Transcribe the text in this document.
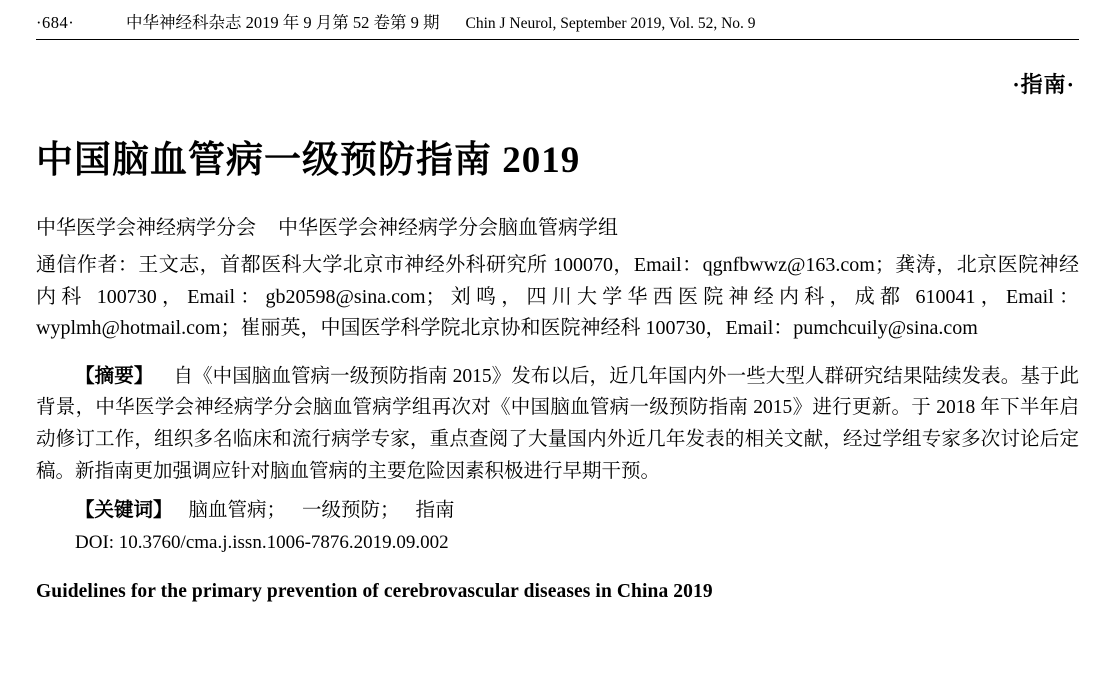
·684·	中华神经科杂志 2019 年 9 月第 52 卷第 9 期 Chin J Neurol, September 2019, Vol. 52, No. 9
·指南·
中国脑血管病一级预防指南 2019
中华医学会神经病学分会 中华医学会神经病学分会脑血管病学组
通信作者：王文志，首都医科大学北京市神经外科研究所 100070，Email：qgnfbwwz@163.com；龚涛，北京医院神经内科 100730，Email：gb20598@sina.com；刘鸣，四川大学华西医院神经内科，成都 610041，Email：wyplmh@hotmail.com；崔丽英，中国医学科学院北京协和医院神经科 100730，Email：pumchcuily@sina.com
【摘要】 自《中国脑血管病一级预防指南 2015》发布以后，近几年国内外一些大型人群研究结果陆续发表。基于此背景，中华医学会神经病学分会脑血管病学组再次对《中国脑血管病一级预防指南 2015》进行更新。于 2018 年下半年启动修订工作，组织多名临床和流行病学专家，重点查阅了大量国内外近几年发表的相关文献，经过学组专家多次讨论后定稿。新指南更加强调应针对脑血管病的主要危险因素积极进行早期干预。
【关键词】 脑血管病； 一级预防； 指南
DOI: 10.3760/cma.j.issn.1006-7876.2019.09.002
Guidelines for the primary prevention of cerebrovascular diseases in China 2019
